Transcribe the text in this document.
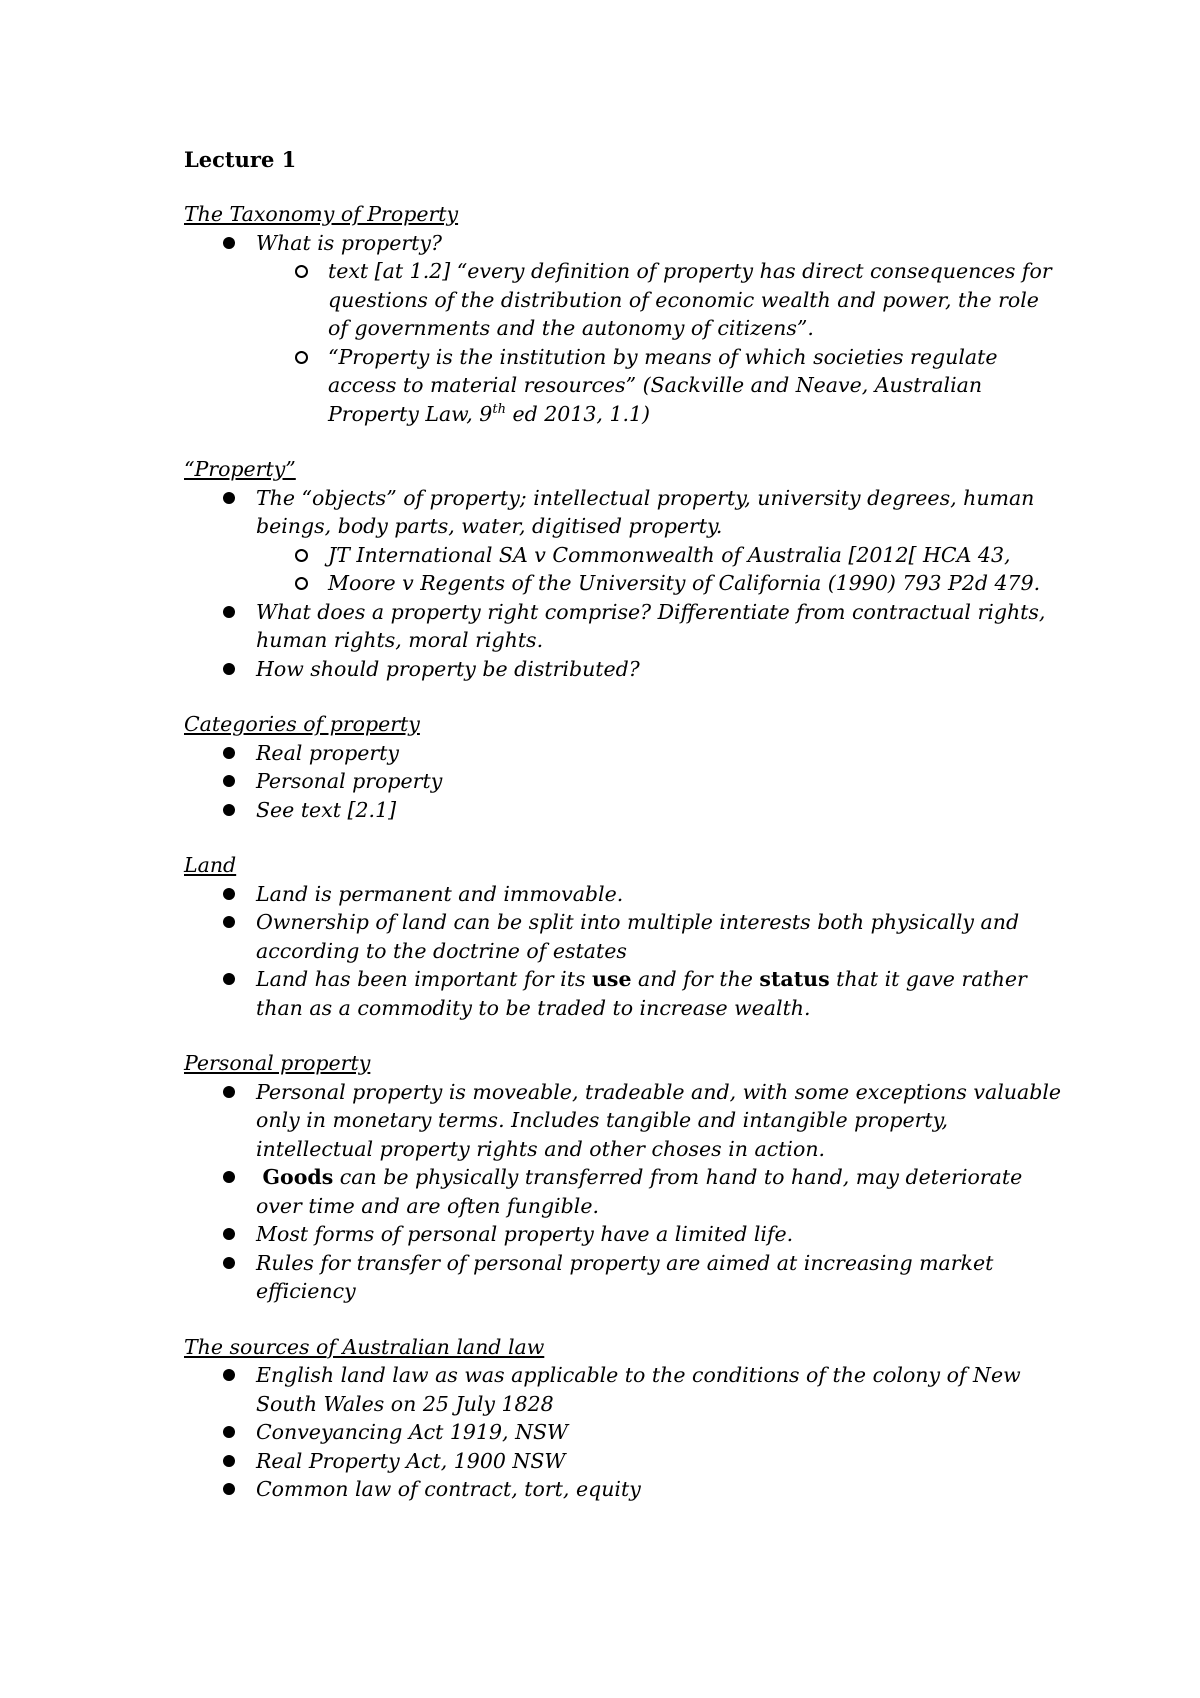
Lecture 1
The Taxonomy of Property
What is property?
text [at 1.2] “every definition of property has direct consequences for questions of the distribution of economic wealth and power, the role of governments and the autonomy of citizens”.
“Property is the institution by means of which societies regulate access to material resources” (Sackville and Neave, Australian Property Law, 9th ed 2013, 1.1)
“Property”
The “objects” of property; intellectual property, university degrees, human beings, body parts, water, digitised property.
JT International SA v Commonwealth of Australia [2012[ HCA 43,
Moore v Regents of the University of California (1990) 793 P2d 479.
What does a property right comprise? Differentiate from contractual rights, human rights, moral rights.
How should property be distributed?
Categories of property
Real property
Personal property
See text [2.1]
Land
Land is permanent and immovable.
Ownership of land can be split into multiple interests both physically and according to the doctrine of estates
Land has been important for its use and for the status that it gave rather than as a commodity to be traded to increase wealth.
Personal property
Personal property is moveable, tradeable and, with some exceptions valuable only in monetary terms. Includes tangible and intangible property, intellectual property rights and other choses in action.
Goods can be physically transferred from hand to hand, may deteriorate over time and are often fungible.
Most forms of personal property have a limited life.
Rules for transfer of personal property are aimed at increasing market efficiency
The sources of Australian land law
English land law as was applicable to the conditions of the colony of New South Wales on 25 July 1828
Conveyancing Act 1919, NSW
Real Property Act, 1900 NSW
Common law of contract, tort, equity
